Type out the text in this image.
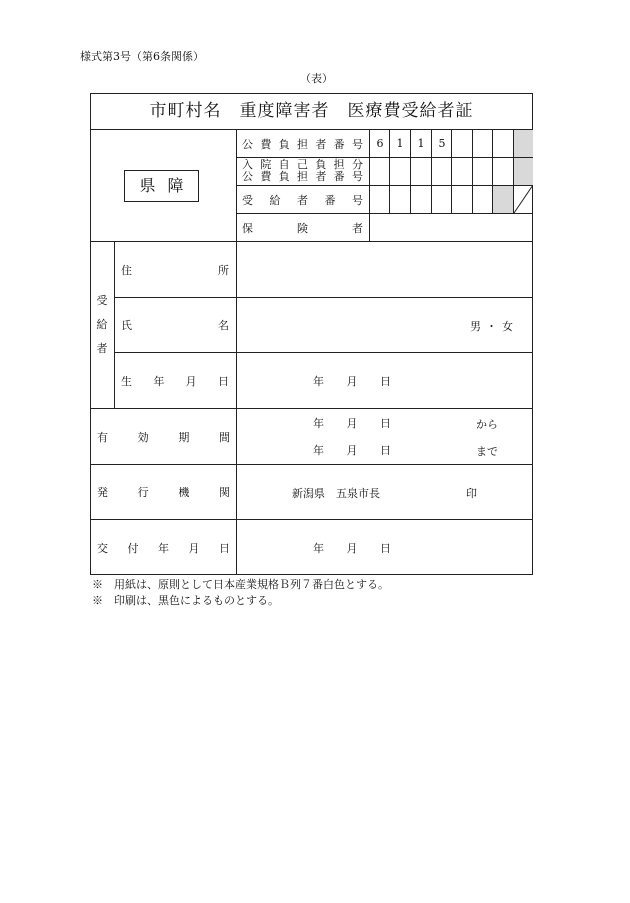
様式第3号（第6条関係）
（表）
市町村名　重度障害者　医療費受給者証
県障
公 費 負 担 者 番 号	6	1	1	5
入 院 自 己 負 担 分
公 費 負 担 者 番 号
受 給 者 番 号
保	険	者
受
給
者
住	所
氏	名	男・女
生 年 月 日	年 月 日
有	効	期	間
年 月 日	から
年 月 日	まで
発	行	機	関	新潟県　五泉市長	印
交 付 年 月 日	年 月 日
※　用紙は、原則として日本産業規格Ｂ列７番白色とする。
※　印刷は、黒色によるものとする。
